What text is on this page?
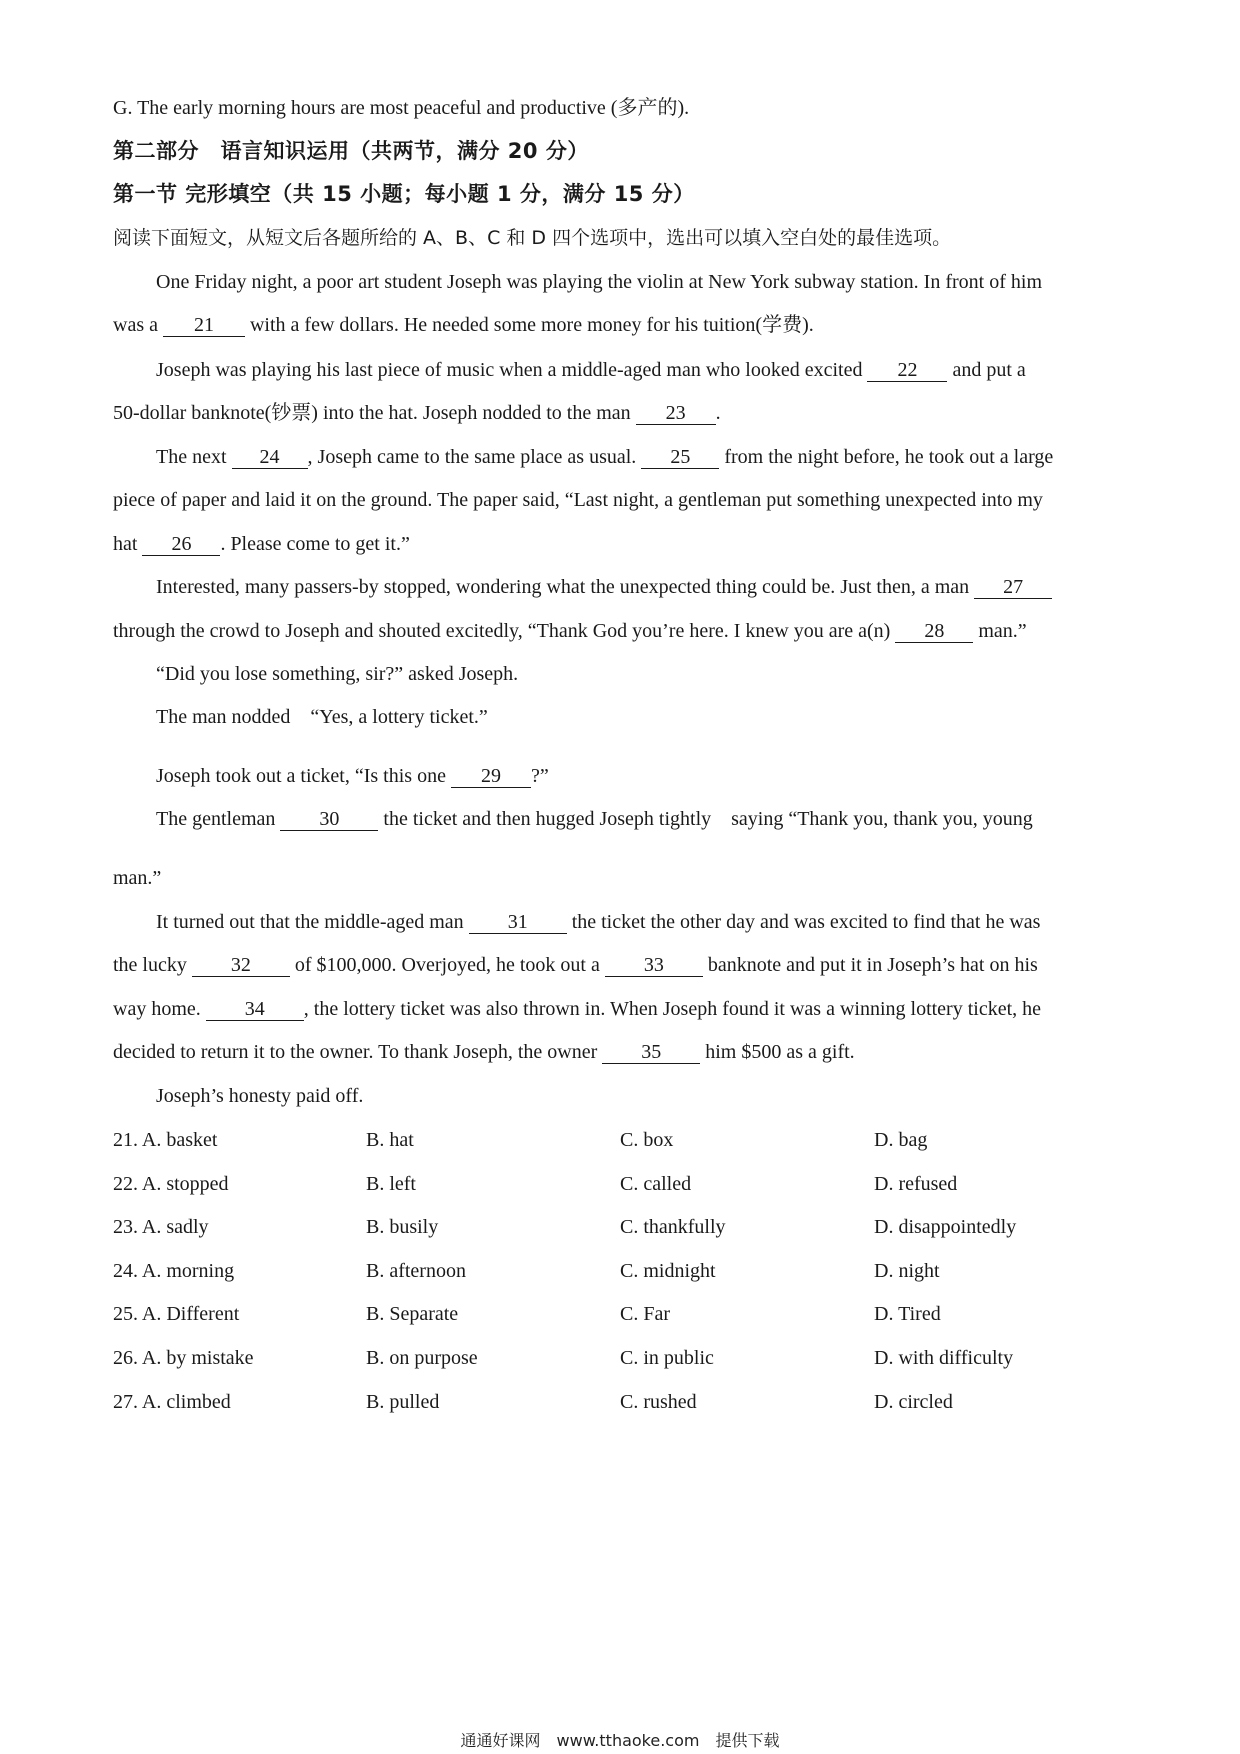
G. The early morning hours are most peaceful and productive (多产的).
第二部分　语言知识运用（共两节，满分 20 分）
第一节 完形填空（共 15 小题；每小题 1 分，满分 15 分）
阅读下面短文，从短文后各题所给的 A、B、C 和 D 四个选项中，选出可以填入空白处的最佳选项。
One Friday night, a poor art student Joseph was playing the violin at New York subway station. In front of him
was a 21 with a few dollars. He needed some more money for his tuition(学费).
Joseph was playing his last piece of music when a middle-aged man who looked excited 22 and put a
50-dollar banknote(钞票) into the hat. Joseph nodded to the man 23 .
The next 24 , Joseph came to the same place as usual. 25 from the night before, he took out a large
piece of paper and laid it on the ground. The paper said, “Last night, a gentleman put something unexpected into my
hat 26 . Please come to get it.”
Interested, many passers-by stopped, wondering what the unexpected thing could be. Just then, a man 27
through the crowd to Joseph and shouted excitedly, “Thank God you’re here. I knew you are a(n) 28 man.”
“Did you lose something, sir?” asked Joseph.
The man nodded　“Yes, a lottery ticket.”
Joseph took out a ticket, “Is this one 29 ?”
The gentleman 30 the ticket and then hugged Joseph tightly　saying “Thank you, thank you, young
man.”
It turned out that the middle-aged man 31 the ticket the other day and was excited to find that he was
the lucky 32 of $100,000. Overjoyed, he took out a 33 banknote and put it in Joseph’s hat on his
way home. 34 , the lottery ticket was also thrown in. When Joseph found it was a winning lottery ticket, he
decided to return it to the owner. To thank Joseph, the owner 35 him $500 as a gift.
Joseph’s honesty paid off.
21. A. basket	B. hat	C. box	D. bag
22. A. stopped	B. left	C. called	D. refused
23. A. sadly	B. busily	C. thankfully	D. disappointedly
24. A. morning	B. afternoon	C. midnight	D. night
25. A. Different	B. Separate	C. Far	D. Tired
26. A. by mistake	B. on purpose	C. in public	D. with difficulty
27. A. climbed	B. pulled	C. rushed	D. circled
通通好课网　www.tthaoke.com　提供下载
